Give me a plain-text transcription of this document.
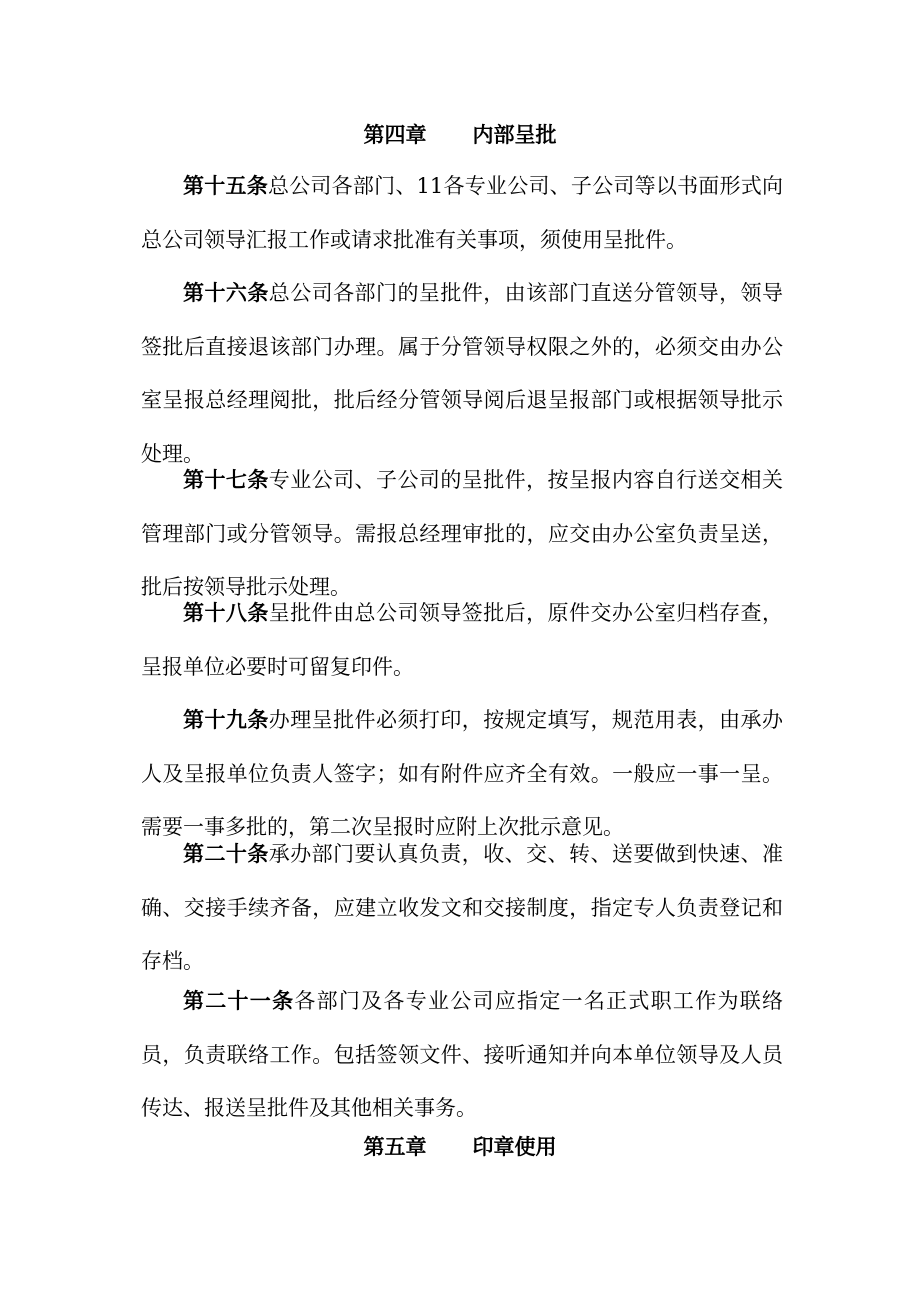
第四章 内部呈批

第十五条总公司各部门、11各专业公司、子公司等以书面形式向总公司领导汇报工作或请求批准有关事项，须使用呈批件。

第十六条总公司各部门的呈批件，由该部门直送分管领导，领导签批后直接退该部门办理。属于分管领导权限之外的，必须交由办公室呈报总经理阅批，批后经分管领导阅后退呈报部门或根据领导批示处理。

第十七条专业公司、子公司的呈批件，按呈报内容自行送交相关管理部门或分管领导。需报总经理审批的，应交由办公室负责呈送，批后按领导批示处理。

第十八条呈批件由总公司领导签批后，原件交办公室归档存查，呈报单位必要时可留复印件。

第十九条办理呈批件必须打印，按规定填写，规范用表，由承办人及呈报单位负责人签字；如有附件应齐全有效。一般应一事一呈。需要一事多批的，第二次呈报时应附上次批示意见。

第二十条承办部门要认真负责，收、交、转、送要做到快速、准确、交接手续齐备，应建立收发文和交接制度，指定专人负责登记和存档。

第二十一条各部门及各专业公司应指定一名正式职工作为联络员，负责联络工作。包括签领文件、接听通知并向本单位领导及人员传达、报送呈批件及其他相关事务。

第五章 印章使用
